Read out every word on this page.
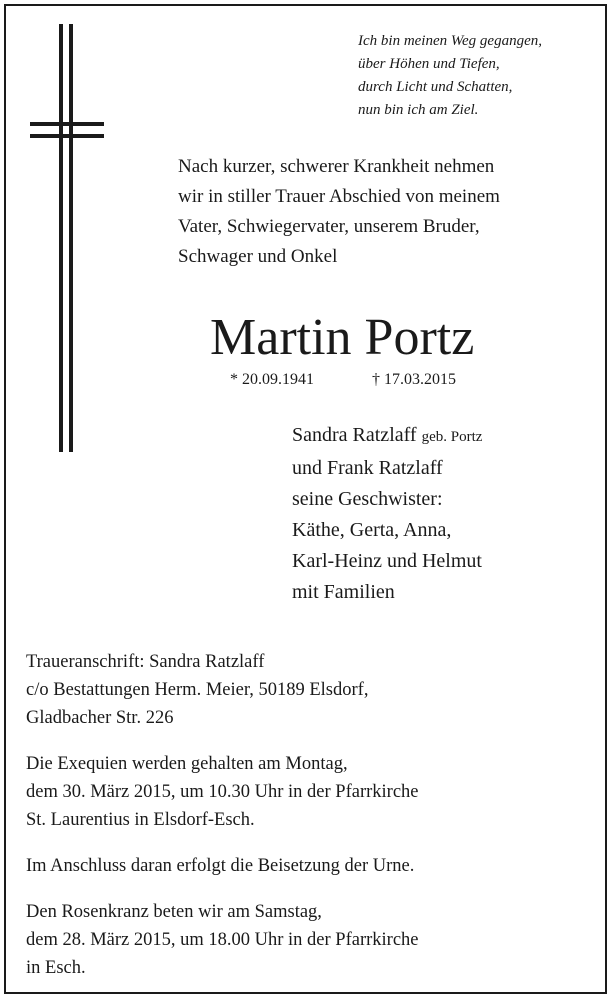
Ich bin meinen Weg gegangen,
über Höhen und Tiefen,
durch Licht und Schatten,
nun bin ich am Ziel.
Nach kurzer, schwerer Krankheit nehmen
wir in stiller Trauer Abschied von meinem
Vater, Schwiegervater, unserem Bruder,
Schwager und Onkel
Martin Portz
* 20.09.1941	† 17.03.2015
Sandra Ratzlaff geb. Portz
und Frank Ratzlaff
seine Geschwister:
Käthe, Gerta, Anna,
Karl-Heinz und Helmut
mit Familien
Traueranschrift: Sandra Ratzlaff
c/o Bestattungen Herm. Meier, 50189 Elsdorf,
Gladbacher Str. 226
Die Exequien werden gehalten am Montag,
dem 30. März 2015, um 10.30 Uhr in der Pfarrkirche
St. Laurentius in Elsdorf-Esch.
Im Anschluss daran erfolgt die Beisetzung der Urne.
Den Rosenkranz beten wir am Samstag,
dem 28. März 2015, um 18.00 Uhr in der Pfarrkirche
in Esch.
